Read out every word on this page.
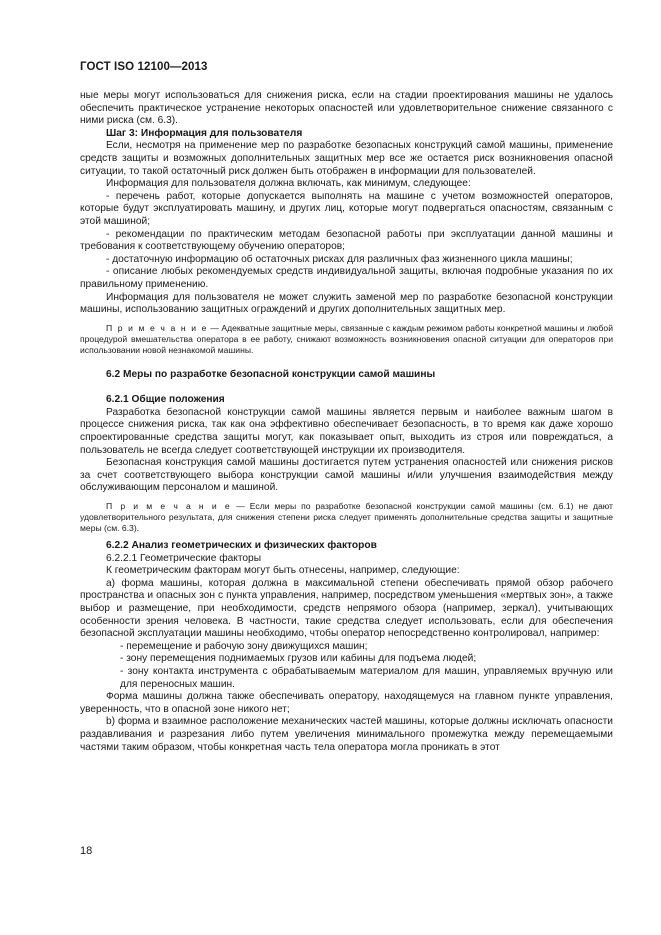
ГОСТ ISO 12100—2013

ные меры могут использоваться для снижения риска, если на стадии проектирования машины не удалось обеспечить практическое устранение некоторых опасностей или удовлетворительное снижение связанного с ними риска (см. 6.3).

Шаг 3: Информация для пользователя

Если, несмотря на применение мер по разработке безопасных конструкций самой машины, применение средств защиты и возможных дополнительных защитных мер все же остается риск возникновения опасной ситуации, то такой остаточный риск должен быть отображен в информации для пользователей.

Информация для пользователя должна включать, как минимум, следующее:

- перечень работ, которые допускается выполнять на машине с учетом возможностей операторов, которые будут эксплуатировать машину, и других лиц, которые могут подвергаться опасностям, связанным с этой машиной;

- рекомендации по практическим методам безопасной работы при эксплуатации данной машины и требования к соответствующему обучению операторов;

- достаточную информацию об остаточных рисках для различных фаз жизненного цикла машины;

- описание любых рекомендуемых средств индивидуальной защиты, включая подробные указания по их правильному применению.

Информация для пользователя не может служить заменой мер по разработке безопасной конструкции машины, использованию защитных ограждений и других дополнительных защитных мер.

П р и м е ч а н и е — Адекватные защитные меры, связанные с каждым режимом работы конкретной машины и любой процедурой вмешательства оператора в ее работу, снижают возможность возникновения опасной ситуации для операторов при использовании новой незнакомой машины.

6.2 Меры по разработке безопасной конструкции самой машины

6.2.1 Общие положения

Разработка безопасной конструкции самой машины является первым и наиболее важным шагом в процессе снижения риска, так как она эффективно обеспечивает безопасность, в то время как даже хорошо спроектированные средства защиты могут, как показывает опыт, выходить из строя или повреждаться, а пользователь не всегда следует соответствующей инструкции их производителя.

Безопасная конструкция самой машины достигается путем устранения опасностей или снижения рисков за счет соответствующего выбора конструкции самой машины и/или улучшения взаимодействия между обслуживающим персоналом и машиной.

П р и м е ч а н и е — Если меры по разработке безопасной конструкции самой машины (см. 6.1) не дают удовлетворительного результата, для снижения степени риска следует применять дополнительные средства защиты и защитные меры (см. 6.3).

6.2.2 Анализ геометрических и физических факторов

6.2.2.1 Геометрические факторы

К геометрическим факторам могут быть отнесены, например, следующие:

а) форма машины, которая должна в максимальной степени обеспечивать прямой обзор рабочего пространства и опасных зон с пункта управления, например, посредством уменьшения «мертвых зон», а также выбор и размещение, при необходимости, средств непрямого обзора (например, зеркал), учитывающих особенности зрения человека. В частности, такие средства следует использовать, если для обеспечения безопасной эксплуатации машины необходимо, чтобы оператор непосредственно контролировал, например:

- перемещение и рабочую зону движущихся машин;

- зону перемещения поднимаемых грузов или кабины для подъема людей;

- зону контакта инструмента с обрабатываемым материалом для машин, управляемых вручную или для переносных машин.

Форма машины должна также обеспечивать оператору, находящемуся на главном пункте управления, уверенность, что в опасной зоне никого нет;

b) форма и взаимное расположение механических частей машины, которые должны исключать опасности раздавливания и разрезания либо путем увеличения минимального промежутка между перемещаемыми частями таким образом, чтобы конкретная часть тела оператора могла проникать в этот

18
